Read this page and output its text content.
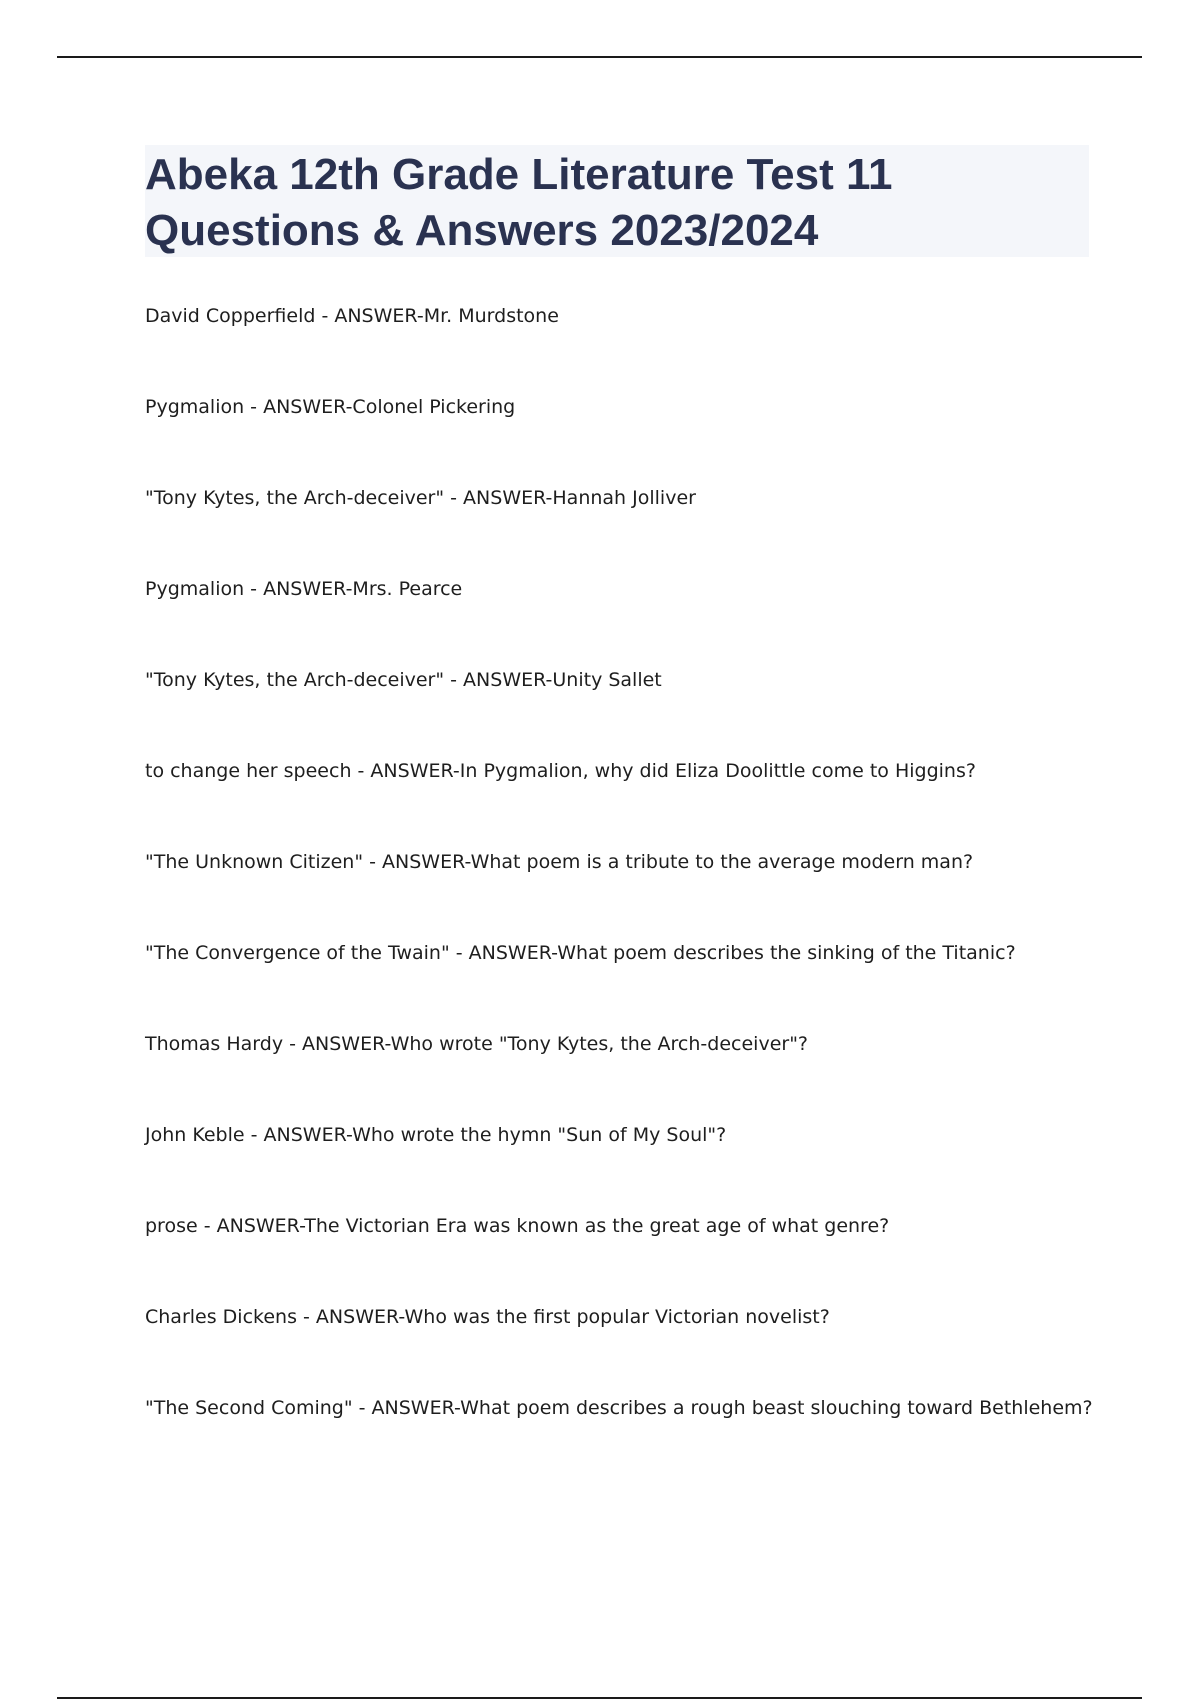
Abeka 12th Grade Literature Test 11
Questions & Answers 2023/2024
David Copperfield - ANSWER-Mr. Murdstone
Pygmalion - ANSWER-Colonel Pickering
"Tony Kytes, the Arch-deceiver" - ANSWER-Hannah Jolliver
Pygmalion - ANSWER-Mrs. Pearce
"Tony Kytes, the Arch-deceiver" - ANSWER-Unity Sallet
to change her speech - ANSWER-In Pygmalion, why did Eliza Doolittle come to Higgins?
"The Unknown Citizen" - ANSWER-What poem is a tribute to the average modern man?
"The Convergence of the Twain" - ANSWER-What poem describes the sinking of the Titanic?
Thomas Hardy - ANSWER-Who wrote "Tony Kytes, the Arch-deceiver"?
John Keble - ANSWER-Who wrote the hymn "Sun of My Soul"?
prose - ANSWER-The Victorian Era was known as the great age of what genre?
Charles Dickens - ANSWER-Who was the first popular Victorian novelist?
"The Second Coming" - ANSWER-What poem describes a rough beast slouching toward Bethlehem?
